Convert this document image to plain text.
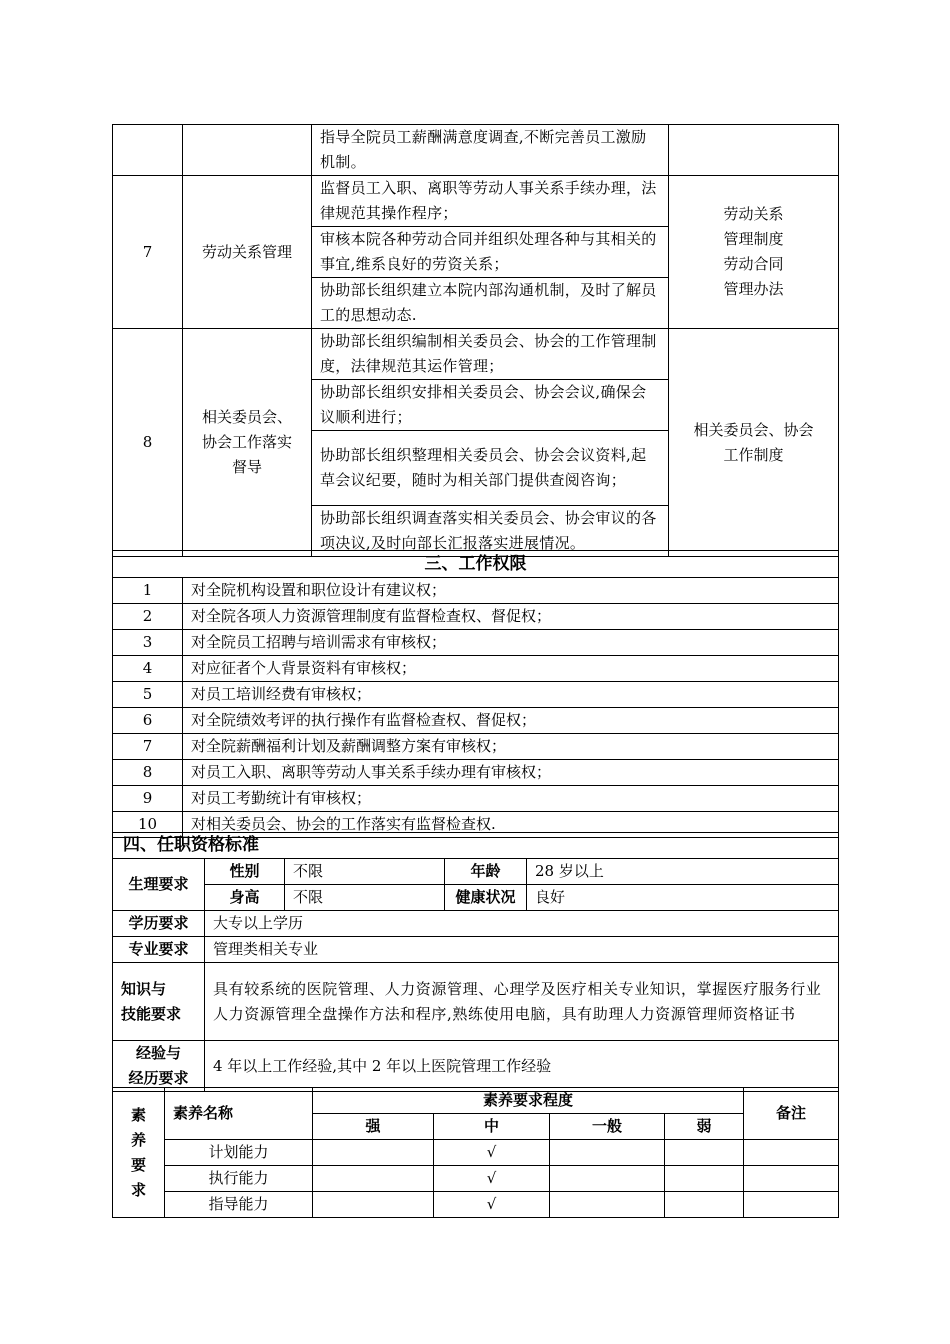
		指导全院员工薪酬满意度调查,不断完善员工激励机制。	
7	劳动关系管理	监督员工入职、离职等劳动人事关系手续办理，法律规范其操作程序；	劳动关系
管理制度
劳动合同
管理办法
		审核本院各种劳动合同并组织处理各种与其相关的事宜,维系良好的劳资关系；	
		协助部长组织建立本院内部沟通机制，及时了解员工的思想动态.	
8	相关委员会、
协会工作落实
督导	协助部长组织编制相关委员会、协会的工作管理制度，法律规范其运作管理；	相关委员会、协会
工作制度
		协助部长组织安排相关委员会、协会会议,确保会议顺利进行；	
		协助部长组织整理相关委员会、协会会议资料,起草会议纪要，随时为相关部门提供查阅咨询；	
		协助部长组织调查落实相关委员会、协会审议的各项决议,及时向部长汇报落实进展情况。	
三、工作权限	
1	对全院机构设置和职位设计有建议权；
2	对全院各项人力资源管理制度有监督检查权、督促权；
3	对全院员工招聘与培训需求有审核权；
4	对应征者个人背景资料有审核权；
5	对员工培训经费有审核权；
6	对全院绩效考评的执行操作有监督检查权、督促权；
7	对全院薪酬福利计划及薪酬调整方案有审核权；
8	对员工入职、离职等劳动人事关系手续办理有审核权；
9	对员工考勤统计有审核权；
10	对相关委员会、协会的工作落实有监督检查权.
四、任职资格标准				
生理要求	性别	不限	年龄	28 岁以上
	身高	不限	健康状况	良好
学历要求	大专以上学历			
专业要求	管理类相关专业			
知识与
技能要求	具有较系统的医院管理、人力资源管理、心理学及医疗相关专业知识，掌握医疗服务行业人力资源管理全盘操作方法和程序,熟练使用电脑，具有助理人力资源管理师资格证书			
经验与
经历要求	4 年以上工作经验,其中 2 年以上医院管理工作经验			
素
养
要
求	素养名称	素养要求程度				备注
		强	中	一般	弱	
	计划能力		√			
	执行能力		√			
	指导能力		√			
